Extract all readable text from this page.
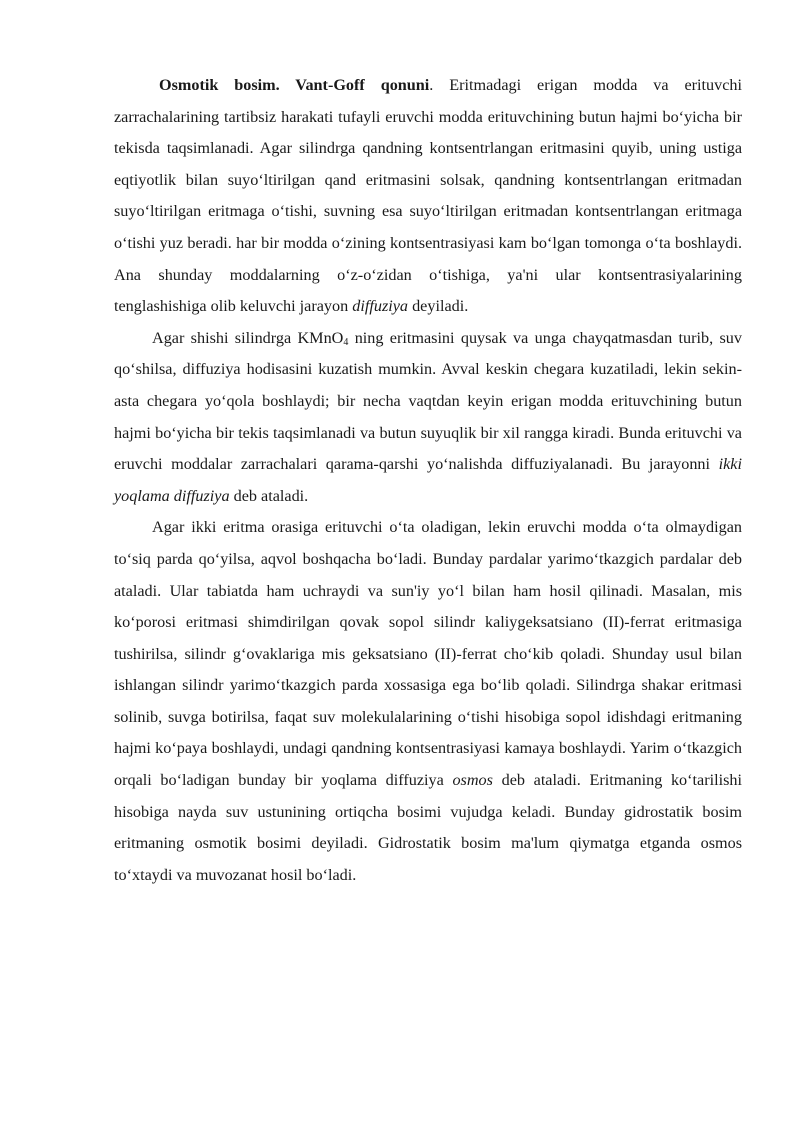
Osmotik bosim. Vant-Goff qonuni. Eritmadagi erigan modda va erituvchi zarrachalarining tartibsiz harakati tufayli eruvchi modda erituvchining butun hajmi bo‘yicha bir tekisda taqsimlanadi. Agar silindrga qandning kontsentrlangan eritmasini quyib, uning ustiga eqtiyotlik bilan suyo‘ltirilgan qand eritmasini solsak, qandning kontsentrlangan eritmadan suyo‘ltirilgan eritmaga o‘tishi, suvning esa suyo‘ltirilgan eritmadan kontsentrlangan eritmaga o‘tishi yuz beradi. har bir modda o‘zining kontsentrasiyasi kam bo‘lgan tomonga o‘ta boshlaydi. Ana shunday moddalarning o‘z-o‘zidan o‘tishiga, ya'ni ular kontsentrasiyalarining tenglashishiga olib keluvchi jarayon diffuziya deyiladi.

Agar shishi silindrga KMnO$_4$ ning eritmasini quysak va unga chayqatmasdan turib, suv qo‘shilsa, diffuziya hodisasini kuzatish mumkin. Avval keskin chegara kuzatiladi, lekin sekin-asta chegara yo‘qola boshlaydi; bir necha vaqtdan keyin erigan modda erituvchining butun hajmi bo‘yicha bir tekis taqsimlanadi va butun suyuqlik bir xil rangga kiradi. Bunda erituvchi va eruvchi moddalar zarrachalari qarama-qarshi yo‘nalishda diffuziyalanadi. Bu jarayonni ikki yoqlama diffuziya deb ataladi.

Agar ikki eritma orasiga erituvchi o‘ta oladigan, lekin eruvchi modda o‘ta olmaydigan to‘siq parda qo‘yilsa, aqvol boshqacha bo‘ladi. Bunday pardalar yarimo‘tkazgich pardalar deb ataladi. Ular tabiatda ham uchraydi va sun'iy yo‘l bilan ham hosil qilinadi. Masalan, mis ko‘porosi eritmasi shimdirilgan qovak sopol silindr kaliygeksatsiano (II)-ferrat eritmasiga tushirilsa, silindr g‘ovaklariga mis geksatsiano (II)-ferrat cho‘kib qoladi. Shunday usul bilan ishlangan silindr yarimo‘tkazgich parda xossasiga ega bo‘lib qoladi. Silindrga shakar eritmasi solinib, suvga botirilsa, faqat suv molekulalarining o‘tishi hisobiga sopol idishdagi eritmaning hajmi ko‘paya boshlaydi, undagi qandning kontsentrasiyasi kamaya boshlaydi. Yarim o‘tkazgich orqali bo‘ladigan bunday bir yoqlama diffuziya osmos deb ataladi. Eritmaning ko‘tarilishi hisobiga nayda suv ustunining ortiqcha bosimi vujudga keladi. Bunday gidrostatik bosim eritmaning osmotik bosimi deyiladi. Gidrostatik bosim ma'lum qiymatga etganda osmos to‘xtaydi va muvozanat hosil bo‘ladi.
